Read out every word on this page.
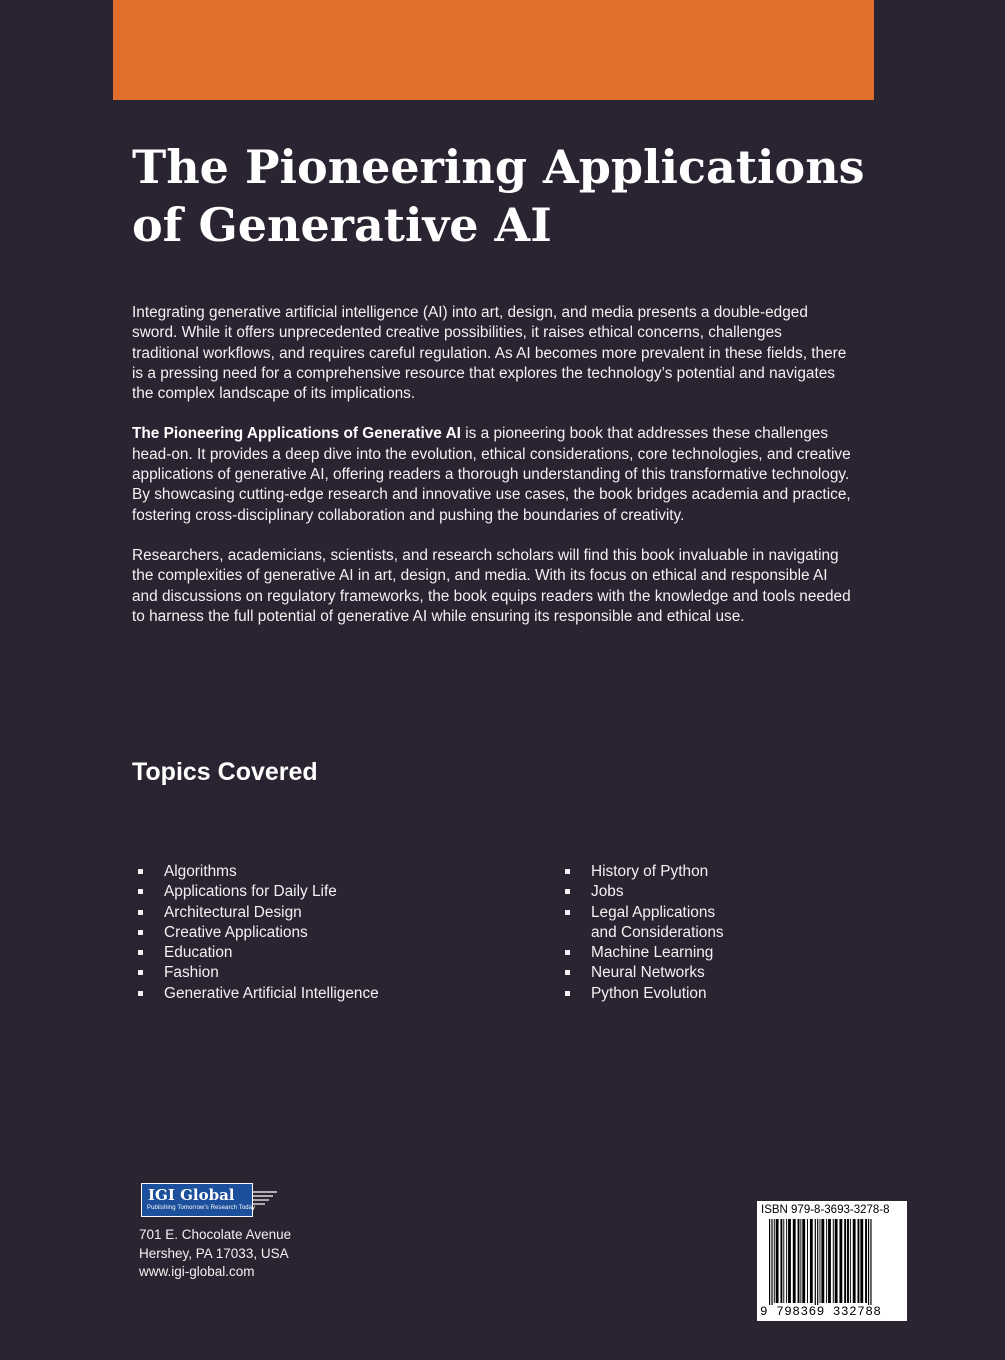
The Pioneering Applications of Generative AI

Integrating generative artificial intelligence (AI) into art, design, and media presents a double-edged sword. While it offers unprecedented creative possibilities, it raises ethical concerns, challenges traditional workflows, and requires careful regulation. As AI becomes more prevalent in these fields, there is a pressing need for a comprehensive resource that explores the technology’s potential and navigates the complex landscape of its implications.

The Pioneering Applications of Generative AI is a pioneering book that addresses these challenges head-on. It provides a deep dive into the evolution, ethical considerations, core technologies, and creative applications of generative AI, offering readers a thorough understanding of this transformative technology. By showcasing cutting-edge research and innovative use cases, the book bridges academia and practice, fostering cross-disciplinary collaboration and pushing the boundaries of creativity.

Researchers, academicians, scientists, and research scholars will find this book invaluable in navigating the complexities of generative AI in art, design, and media. With its focus on ethical and responsible AI and discussions on regulatory frameworks, the book equips readers with the knowledge and tools needed to harness the full potential of generative AI while ensuring its responsible and ethical use.

Topics Covered
Algorithms
Applications for Daily Life
Architectural Design
Creative Applications
Education
Fashion
Generative Artificial Intelligence
History of Python
Jobs
Legal Applications
and Considerations
Machine Learning
Neural Networks
Python Evolution
IGI Global
Publishing Tomorrow's Research Today
701 E. Chocolate Avenue
Hershey, PA 17033, USA
www.igi-global.com
ISBN 979-8-3693-3278-8
9 798369 332788
